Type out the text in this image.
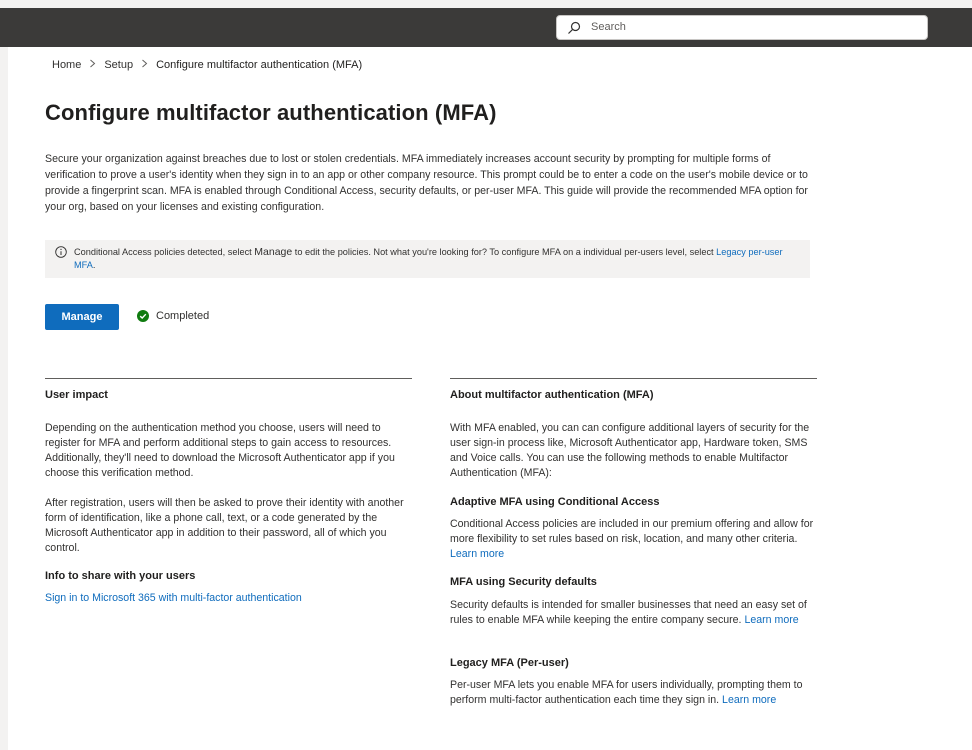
Search
Home Setup Configure multifactor authentication (MFA)
Configure multifactor authentication (MFA)

Secure your organization against breaches due to lost or stolen credentials. MFA immediately increases account security by prompting for multiple forms of verification to prove a user's identity when they sign in to an app or other company resource. This prompt could be to enter a code on the user's mobile device or to provide a fingerprint scan. MFA is enabled through Conditional Access, security defaults, or per-user MFA. This guide will provide the recommended MFA option for your org, based on your licenses and existing configuration.

Conditional Access policies detected, select Manage to edit the policies. Not what you're looking for? To configure MFA on a individual per-users level, select Legacy per-user MFA.
Manage	Completed
User impact

Depending on the authentication method you choose, users will need to register for MFA and perform additional steps to gain access to resources. Additionally, they'll need to download the Microsoft Authenticator app if you choose this verification method.

After registration, users will then be asked to prove their identity with another form of identification, like a phone call, text, or a code generated by the Microsoft Authenticator app in addition to their password, all of which you control.

Info to share with your users

Sign in to Microsoft 365 with multi-factor authentication

About multifactor authentication (MFA)

With MFA enabled, you can can configure additional layers of security for the user sign-in process like, Microsoft Authenticator app, Hardware token, SMS and Voice calls. You can use the following methods to enable Multifactor Authentication (MFA):

Adaptive MFA using Conditional Access

Conditional Access policies are included in our premium offering and allow for more flexibility to set rules based on risk, location, and many other criteria. Learn more

MFA using Security defaults

Security defaults is intended for smaller businesses that need an easy set of rules to enable MFA while keeping the entire company secure. Learn more

Legacy MFA (Per-user)

Per-user MFA lets you enable MFA for users individually, prompting them to perform multi-factor authentication each time they sign in. Learn more
